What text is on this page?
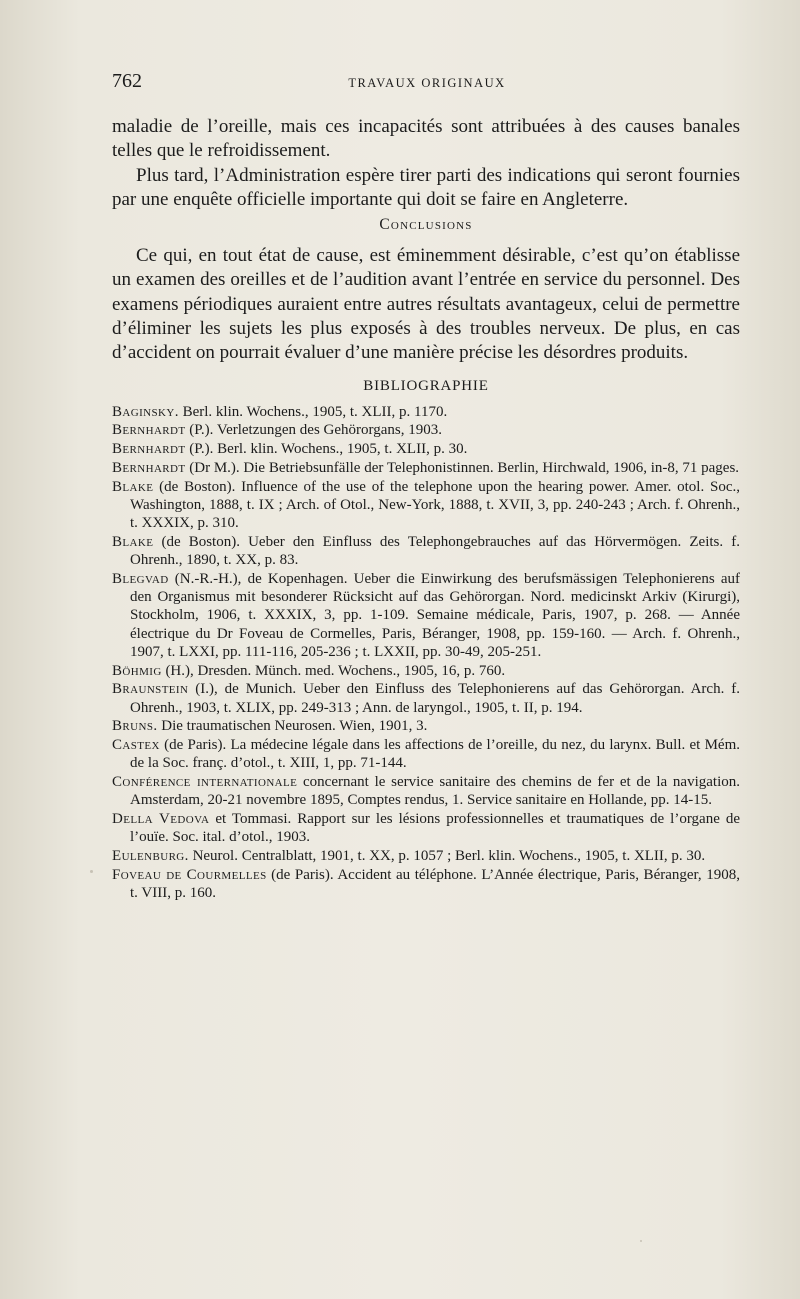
762	TRAVAUX ORIGINAUX

maladie de l’oreille, mais ces incapacités sont attribuées à des causes banales telles que le refroidissement.

Plus tard, l’Administration espère tirer parti des indications qui seront fournies par une enquête officielle importante qui doit se faire en Angleterre.

Conclusions

Ce qui, en tout état de cause, est éminemment désirable, c’est qu’on établisse un examen des oreilles et de l’audition avant l’entrée en service du personnel. Des examens périodiques auraient entre autres résultats avantageux, celui de permettre d’éliminer les sujets les plus exposés à des troubles nerveux. De plus, en cas d’accident on pourrait évaluer d’une manière précise les désordres produits.

BIBLIOGRAPHIE
Baginsky. Berl. klin. Wochens., 1905, t. XLII, p. 1170.
Bernhardt (P.). Verletzungen des Gehörorgans, 1903.
Bernhardt (P.). Berl. klin. Wochens., 1905, t. XLII, p. 30.
Bernhardt (Dr M.). Die Betriebsunfälle der Telephonistinnen. Berlin, Hirchwald, 1906, in-8, 71 pages.
Blake (de Boston). Influence of the use of the telephone upon the hearing power. Amer. otol. Soc., Washington, 1888, t. IX ; Arch. of Otol., New-York, 1888, t. XVII, 3, pp. 240-243 ; Arch. f. Ohrenh., t. XXXIX, p. 310.
Blake (de Boston). Ueber den Einfluss des Telephongebrauches auf das Hörvermögen. Zeits. f. Ohrenh., 1890, t. XX, p. 83.
Blegvad (N.-R.-H.), de Kopenhagen. Ueber die Einwirkung des berufsmässigen Telephonierens auf den Organismus mit besonderer Rücksicht auf das Gehörorgan. Nord. medicinskt Arkiv (Kirurgi), Stockholm, 1906, t. XXXIX, 3, pp. 1-109. Semaine médicale, Paris, 1907, p. 268. — Année électrique du Dr Foveau de Cormelles, Paris, Béranger, 1908, pp. 159-160. — Arch. f. Ohrenh., 1907, t. LXXI, pp. 111-116, 205-236 ; t. LXXII, pp. 30-49, 205-251.
Böhmig (H.), Dresden. Münch. med. Wochens., 1905, 16, p. 760.
Braunstein (I.), de Munich. Ueber den Einfluss des Telephonierens auf das Gehörorgan. Arch. f. Ohrenh., 1903, t. XLIX, pp. 249-313 ; Ann. de laryngol., 1905, t. II, p. 194.
Bruns. Die traumatischen Neurosen. Wien, 1901, 3.
Castex (de Paris). La médecine légale dans les affections de l’oreille, du nez, du larynx. Bull. et Mém. de la Soc. franç. d’otol., t. XIII, 1, pp. 71-144.
Conférence internationale concernant le service sanitaire des chemins de fer et de la navigation. Amsterdam, 20-21 novembre 1895, Comptes rendus, 1. Service sanitaire en Hollande, pp. 14-15.
Della Vedova et Tommasi. Rapport sur les lésions professionnelles et traumatiques de l’organe de l’ouïe. Soc. ital. d’otol., 1903.
Eulenburg. Neurol. Centralblatt, 1901, t. XX, p. 1057 ; Berl. klin. Wochens., 1905, t. XLII, p. 30.
Foveau de Courmelles (de Paris). Accident au téléphone. L’Année électrique, Paris, Béranger, 1908, t. VIII, p. 160.
